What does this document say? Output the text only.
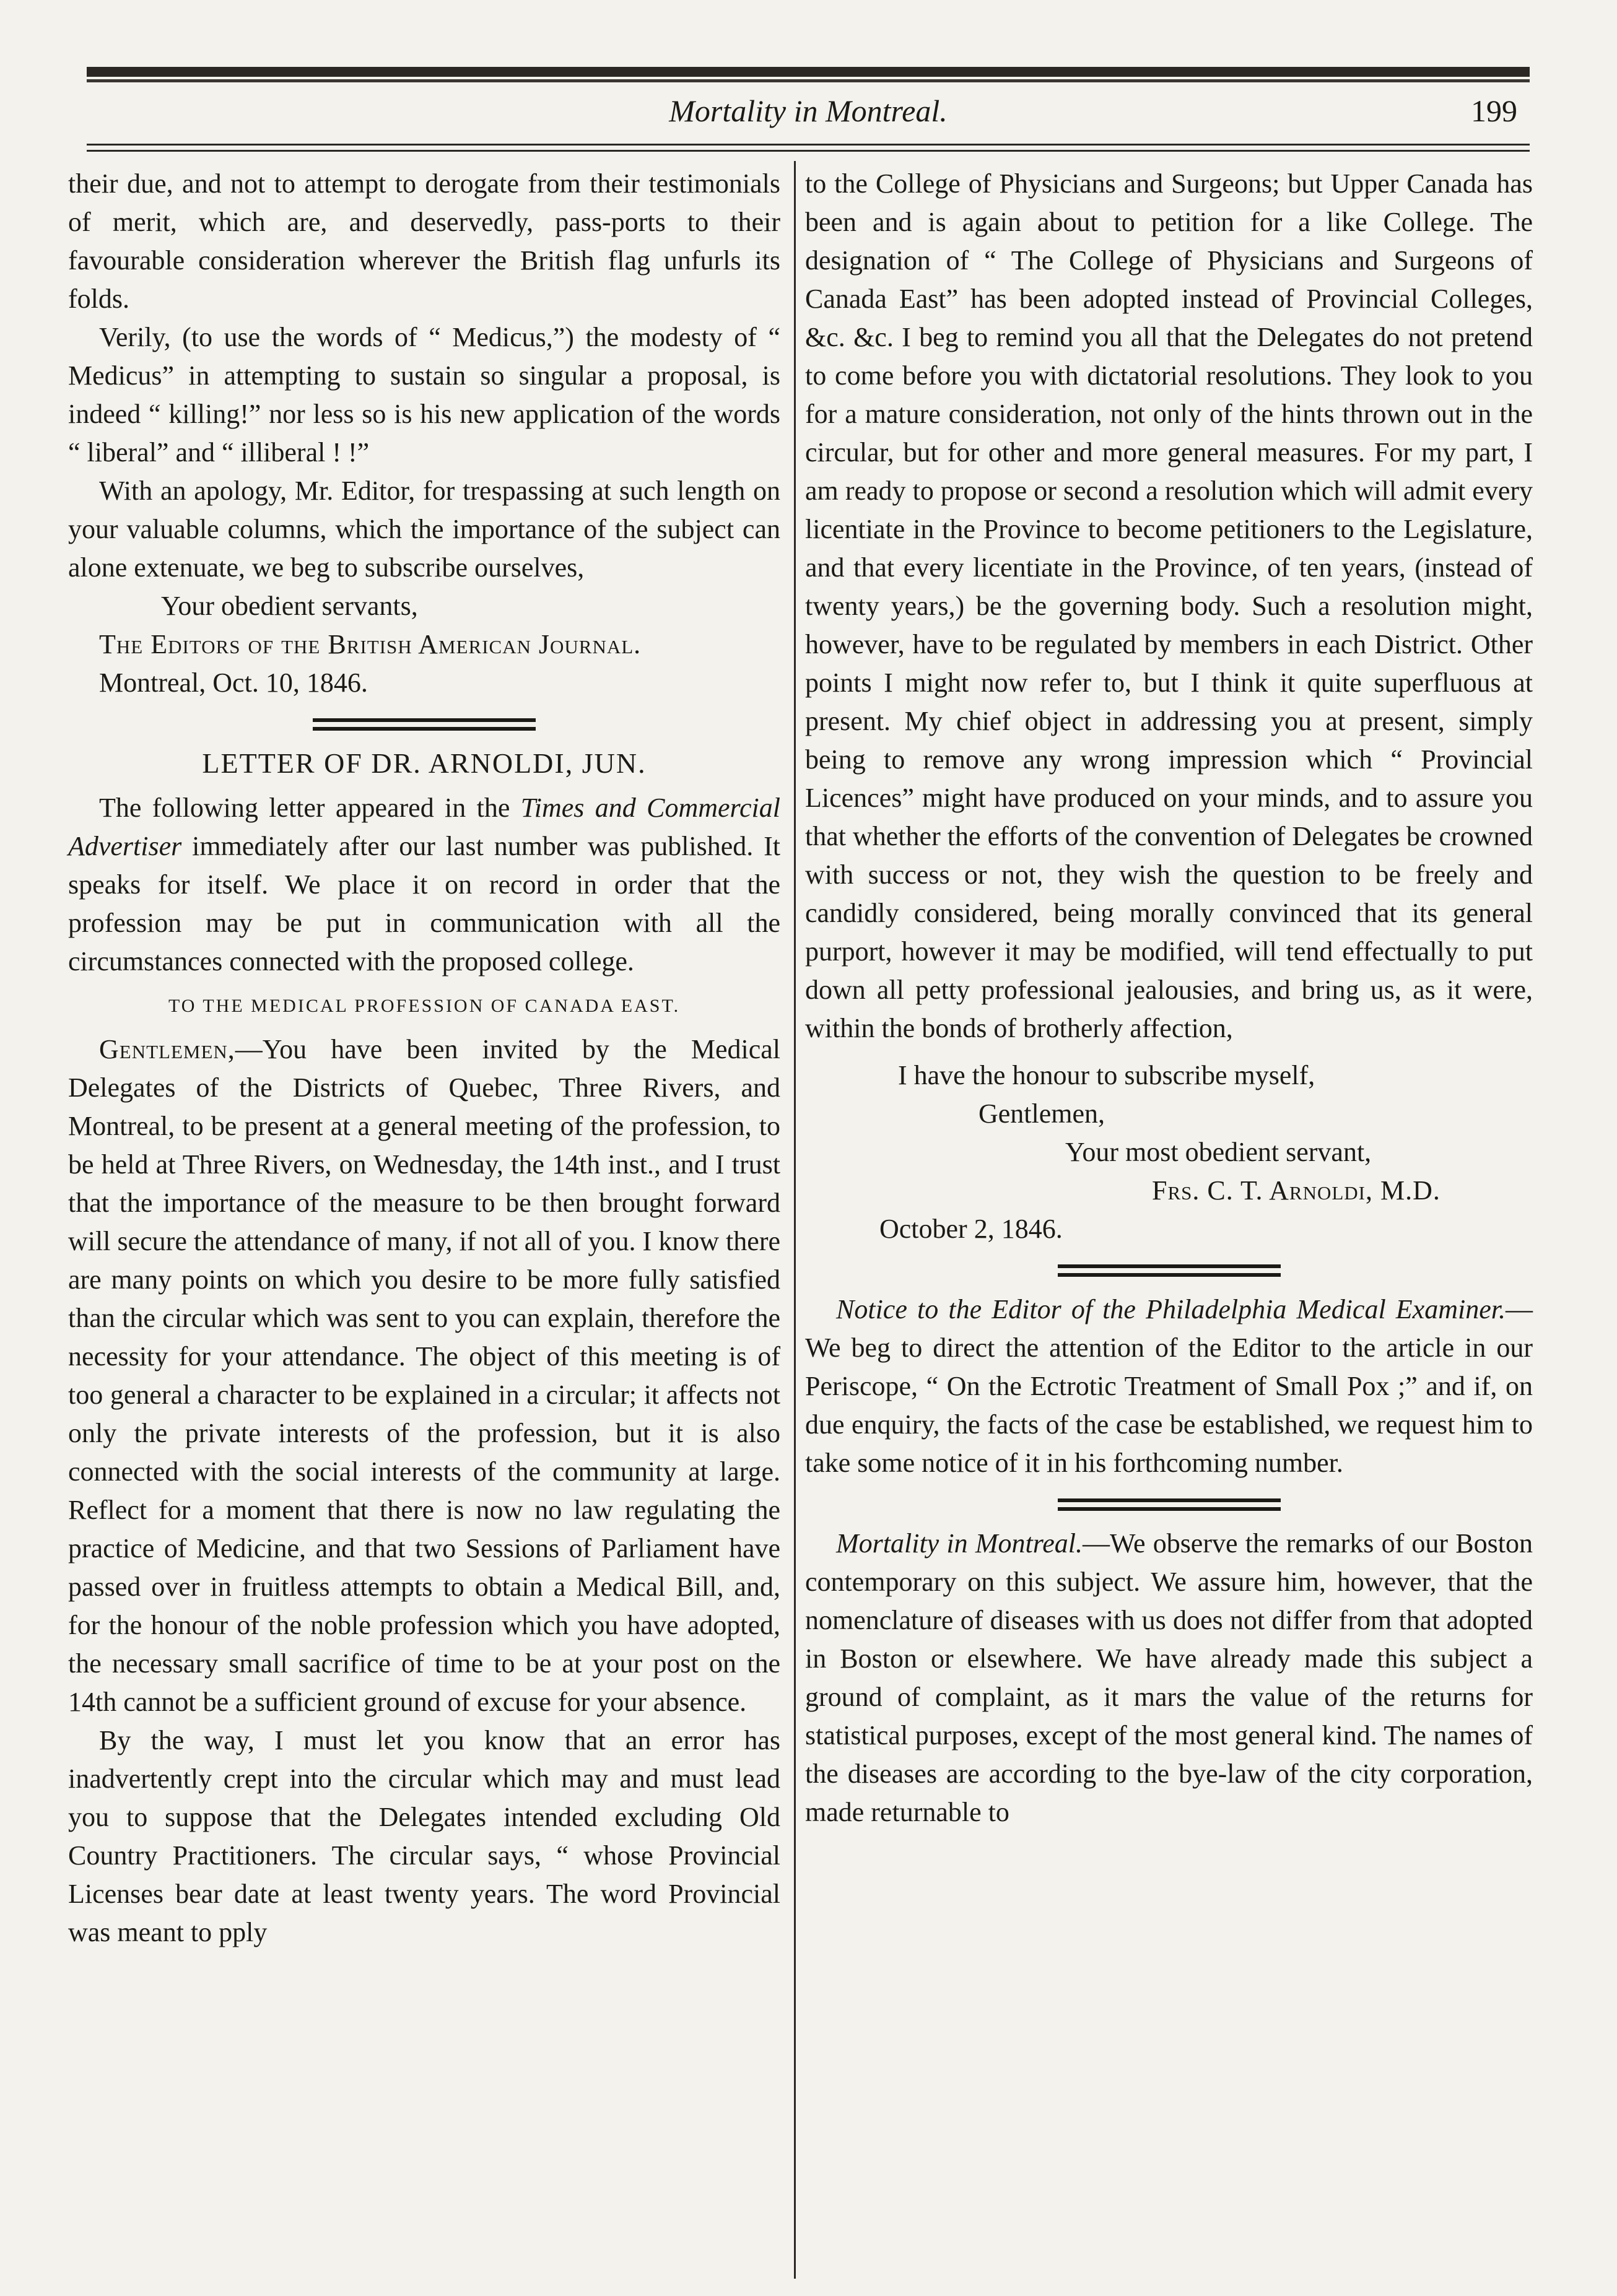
Mortality in Montreal.	199

their due, and not to attempt to derogate from their testimonials of merit, which are, and deservedly, pass-ports to their favourable consideration wherever the British flag unfurls its folds.

Verily, (to use the words of “ Medicus,”) the modesty of “ Medicus” in attempting to sustain so singular a proposal, is indeed “ killing!” nor less so is his new application of the words “ liberal” and “ illiberal ! !”

With an apology, Mr. Editor, for trespassing at such length on your valuable columns, which the importance of the subject can alone extenuate, we beg to subscribe ourselves,

Your obedient servants,

The Editors of the British American Journal.

Montreal, Oct. 10, 1846.

LETTER OF DR. ARNOLDI, JUN.

The following letter appeared in the Times and Commercial Advertiser immediately after our last number was published. It speaks for itself. We place it on record in order that the profession may be put in communication with all the circumstances connected with the proposed college.

TO THE MEDICAL PROFESSION OF CANADA EAST.

Gentlemen,—You have been invited by the Medical Delegates of the Districts of Quebec, Three Rivers, and Montreal, to be present at a general meeting of the profession, to be held at Three Rivers, on Wednesday, the 14th inst., and I trust that the importance of the measure to be then brought forward will secure the attendance of many, if not all of you. I know there are many points on which you desire to be more fully satisfied than the circular which was sent to you can explain, therefore the necessity for your attendance. The object of this meeting is of too general a character to be explained in a circular; it affects not only the private interests of the profession, but it is also connected with the social interests of the community at large. Reflect for a moment that there is now no law regulating the practice of Medicine, and that two Sessions of Parliament have passed over in fruitless attempts to obtain a Medical Bill, and, for the honour of the noble profession which you have adopted, the necessary small sacrifice of time to be at your post on the 14th cannot be a sufficient ground of excuse for your absence.

By the way, I must let you know that an error has inadvertently crept into the circular which may and must lead you to suppose that the Delegates intended excluding Old Country Practitioners. The circular says, “ whose Provincial Licenses bear date at least twenty years. The word Provincial was meant to pply

to the College of Physicians and Surgeons; but Upper Canada has been and is again about to petition for a like College. The designation of “ The College of Physicians and Surgeons of Canada East” has been adopted instead of Provincial Colleges, &c. &c. I beg to remind you all that the Delegates do not pretend to come before you with dictatorial resolutions. They look to you for a mature consideration, not only of the hints thrown out in the circular, but for other and more general measures. For my part, I am ready to propose or second a resolution which will admit every licentiate in the Province to become petitioners to the Legislature, and that every licentiate in the Province, of ten years, (instead of twenty years,) be the governing body. Such a resolution might, however, have to be regulated by members in each District. Other points I might now refer to, but I think it quite superfluous at present. My chief object in addressing you at present, simply being to remove any wrong impression which “ Provincial Licences” might have produced on your minds, and to assure you that whether the efforts of the convention of Delegates be crowned with success or not, they wish the question to be freely and candidly considered, being morally convinced that its general purport, however it may be modified, will tend effectually to put down all petty professional jealousies, and bring us, as it were, within the bonds of brotherly affection,

I have the honour to subscribe myself,

Gentlemen,

Your most obedient servant,

Frs. C. T. Arnoldi, M.D.

October 2, 1846.

Notice to the Editor of the Philadelphia Medical Examiner.—We beg to direct the attention of the Editor to the article in our Periscope, “ On the Ectrotic Treatment of Small Pox ;” and if, on due enquiry, the facts of the case be established, we request him to take some notice of it in his forthcoming number.

Mortality in Montreal.—We observe the remarks of our Boston contemporary on this subject. We assure him, however, that the nomenclature of diseases with us does not differ from that adopted in Boston or elsewhere. We have already made this subject a ground of complaint, as it mars the value of the returns for statistical purposes, except of the most general kind. The names of the diseases are according to the bye-law of the city corporation, made returnable to
